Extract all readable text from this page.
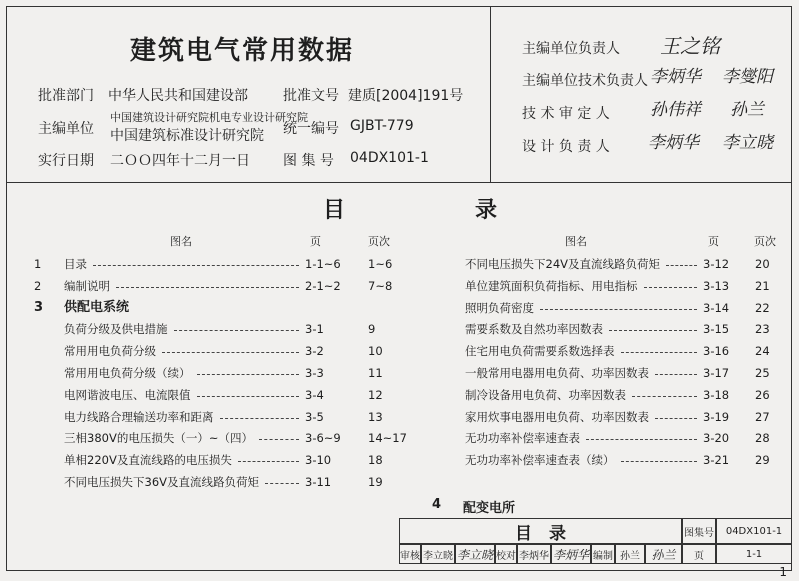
建筑电气常用数据
批准部门 中华人民共和国建设部	批准文号 建质[2004]191号
主编单位
中国建筑设计研究院机电专业设计研究院
中国建筑标准设计研究院 统一编号 GJBT-779
实行日期 二ＯＯ四年十二月一日 图 集 号 04DX101-1
主编单位负责人 王之铭
主编单位技术负责人 李炳华 李燮阳
技 术 审 定 人 孙伟祥 孙兰
设 计 负 责 人 李炳华 李立晓
目	录
图名	页	页次	图名	页	页次
1 目录	1-1~6 1~6
2 编制说明	2-1~2 7~8
3 供配电系统
负荷分级及供电措施	3-1	9
常用用电负荷分级	3-2	10
常用用电负荷分级（续）	3-3	11
电网谐波电压、电流限值	3-4	12
电力线路合理输送功率和距离	3-5	13
三相380V的电压损失（一）~（四）	3-6~9 14~17
单相220V及直流线路的电压损失	3-10	18
不同电压损失下36V及直流线路负荷矩	3-11	19
不同电压损失下24V及直流线路负荷矩	3-12 20
单位建筑面积负荷指标、用电指标	3-13 21
照明负荷密度	3-14 22
需要系数及自然功率因数表	3-15 23
住宅用电负荷需要系数选择表	3-16 24
一般常用电器用电负荷、功率因数表	3-17 25
制冷设备用电负荷、功率因数表	3-18 26
家用炊事电器用电负荷、功率因数表	3-19 27
无功功率补偿率速查表	3-20 28
无功功率补偿率速查表（续）	3-21 29
4 配变电所
目　录	图集号 04DX101-1
审核 李立晓 李立晓 校对 李炳华 李炳华 编制 孙兰 孙兰 页	1-1
1
